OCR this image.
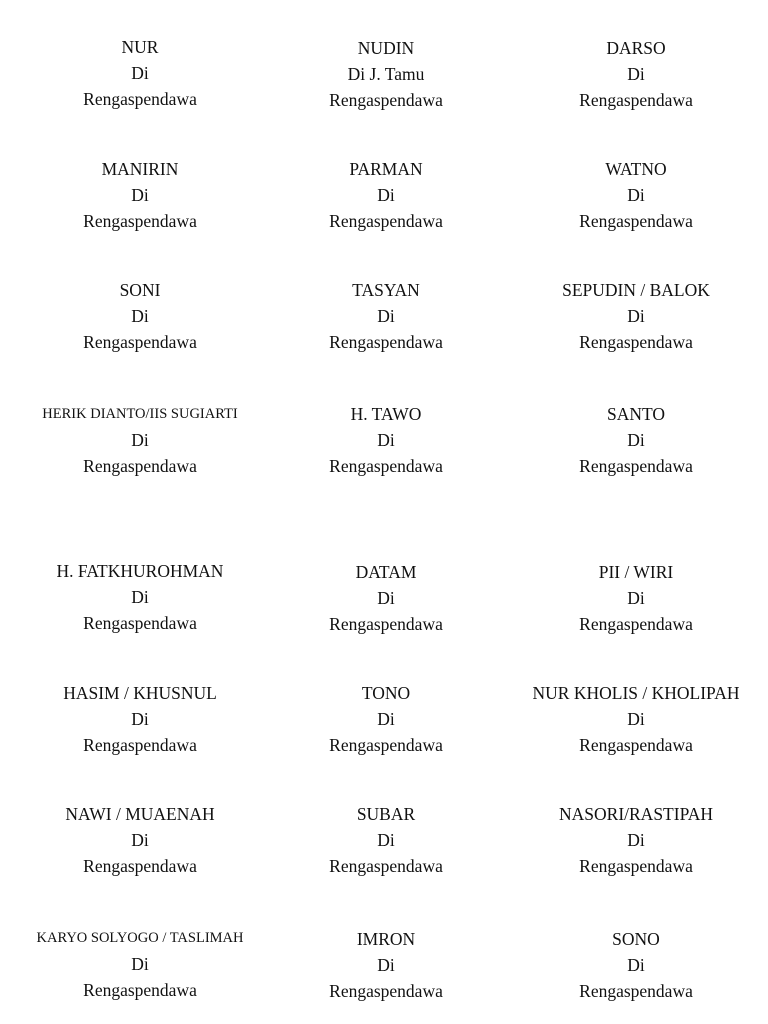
NUR
Di
Rengaspendawa
NUDIN
Di J. Tamu
Rengaspendawa
DARSO
Di
Rengaspendawa
MANIRIN
Di
Rengaspendawa
PARMAN
Di
Rengaspendawa
WATNO
Di
Rengaspendawa
SONI
Di
Rengaspendawa
TASYAN
Di
Rengaspendawa
SEPUDIN / BALOK
Di
Rengaspendawa
HERIK DIANTO/IIS SUGIARTI
Di
Rengaspendawa
H. TAWO
Di
Rengaspendawa
SANTO
Di
Rengaspendawa
H. FATKHUROHMAN
Di
Rengaspendawa
DATAM
Di
Rengaspendawa
PII / WIRI
Di
Rengaspendawa
HASIM / KHUSNUL
Di
Rengaspendawa
TONO
Di
Rengaspendawa
NUR KHOLIS / KHOLIPAH
Di
Rengaspendawa
NAWI / MUAENAH
Di
Rengaspendawa
SUBAR
Di
Rengaspendawa
NASORI/RASTIPAH
Di
Rengaspendawa
KARYO SOLYOGO / TASLIMAH
Di
Rengaspendawa
IMRON
Di
Rengaspendawa
SONO
Di
Rengaspendawa
